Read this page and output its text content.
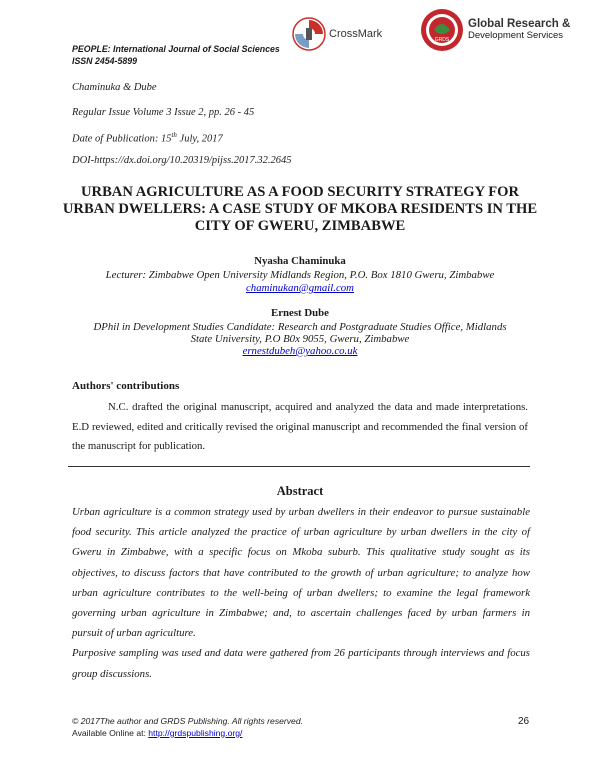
CrossMark	GRDS
Global Research &
Development Services
PEOPLE: International Journal of Social Sciences
ISSN 2454-5899
Chaminuka & Dube
Regular Issue Volume 3 Issue 2, pp. 26 - 45
Date of Publication: 15th July, 2017
DOI-https://dx.doi.org/10.20319/pijss.2017.32.2645
URBAN AGRICULTURE AS A FOOD SECURITY STRATEGY FOR URBAN DWELLERS: A CASE STUDY OF MKOBA RESIDENTS IN THE CITY OF GWERU, ZIMBABWE
Nyasha Chaminuka
Lecturer: Zimbabwe Open University Midlands Region, P.O. Box 1810 Gweru, Zimbabwe
chaminukan@gmail.com
Ernest Dube
DPhil in Development Studies Candidate: Research and Postgraduate Studies Office, Midlands
State University, P.O B0x 9055, Gweru, Zimbabwe
ernestdubeh@yahoo.co.uk
Authors' contributions
N.C. drafted the original manuscript, acquired and analyzed the data and made interpretations. E.D reviewed, edited and critically revised the original manuscript and recommended the final version of the manuscript for publication.
Abstract
Urban agriculture is a common strategy used by urban dwellers in their endeavor to pursue sustainable food security. This article analyzed the practice of urban agriculture by urban dwellers in the city of Gweru in Zimbabwe, with a specific focus on Mkoba suburb. This qualitative study sought as its objectives, to discuss factors that have contributed to the growth of urban agriculture; to analyze how urban agriculture contributes to the well-being of urban dwellers; to examine the legal framework governing urban agriculture in Zimbabwe; and, to ascertain challenges faced by urban farmers in pursuit of urban agriculture.
Purposive sampling was used and data were gathered from 26 participants through interviews and focus group discussions.
© 2017The author and GRDS Publishing. All rights reserved.
Available Online at: http://grdspublishing.org/
26
